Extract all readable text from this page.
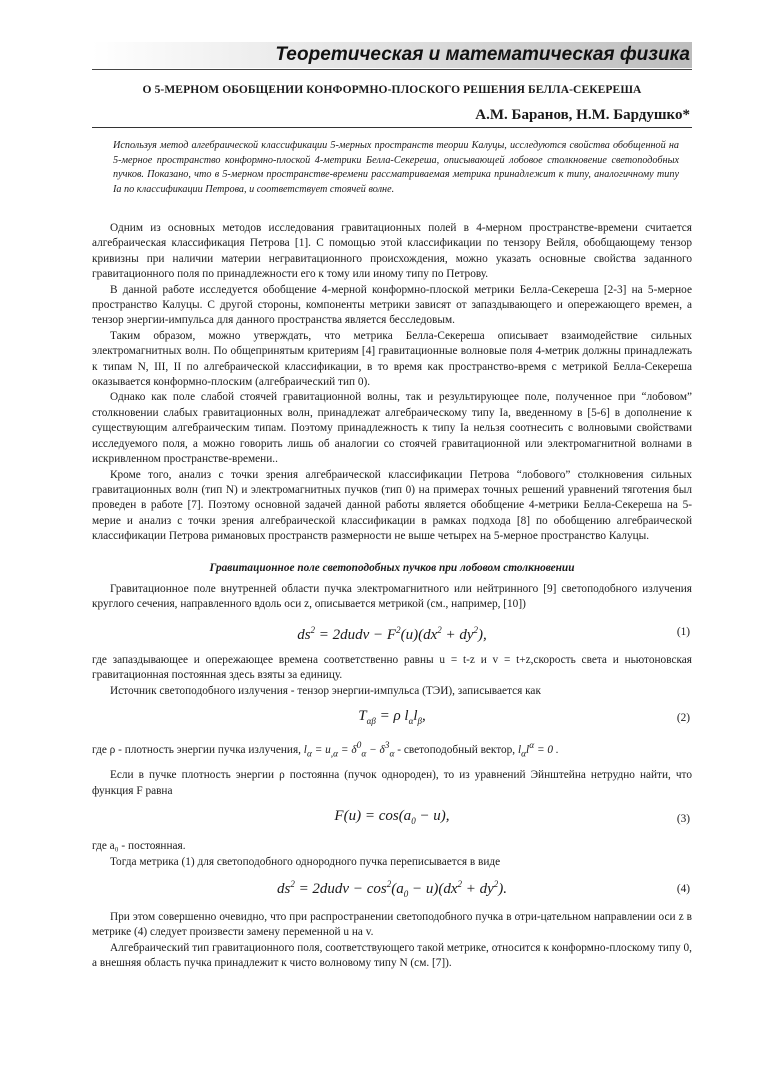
Теоретическая и математическая физика
О 5-МЕРНОМ ОБОБЩЕНИИ КОНФОРМНО-ПЛОСКОГО РЕШЕНИЯ БЕЛЛА-СЕКЕРЕША
А.М. Баранов, Н.М. Бардушко*
Используя метод алгебраической классификации 5-мерных пространств теории Калуцы, исследуются свойства обобщенной на 5-мерное пространство конформно-плоской 4-метрики Белла-Секереша, описывающей лобовое столкновение светоподобных пучков. Показано, что в 5-мерном пространстве-времени рассматриваемая метрика принадлежит к типу, аналогичному типу Ia по классификации Петрова, и соответствует стоячей волне.

Одним из основных методов исследования гравитационных полей в 4-мерном пространстве-времени считается алгебраическая классификация Петрова [1]. С помощью этой классификации по тензору Вейля, обобщающему тензор кривизны при наличии материи негравитационного происхождения, можно указать основные свойства заданного гравитационного поля по принадлежности его к тому или иному типу по Петрову.

В данной работе исследуется обобщение 4-мерной конформно-плоской метрики Белла-Секереша [2-3] на 5-мерное пространство Калуцы. С другой стороны, компоненты метрики зависят от запаздывающего и опережающего времен, а тензор энергии-импульса для данного пространства является бесследовым.

Таким образом, можно утверждать, что метрика Белла-Секереша описывает взаимодействие сильных электромагнитных волн. По общепринятым критериям [4] гравитационные волновые поля 4-метрик должны принадлежать к типам N, III, II по алгебраической классификации, в то время как пространство-время с метрикой Белла-Секереша оказывается конформно-плоским (алгебраический тип 0).

Однако как поле слабой стоячей гравитационной волны, так и результирующее поле, полученное при “лобовом” столкновении слабых гравитационных волн, принадлежат алгебраическому типу Ia, введенному в [5-6] в дополнение к существующим алгебраическим типам. Поэтому принадлежность к типу Ia нельзя соотнесить с волновыми свойствами исследуемого поля, а можно говорить лишь об аналогии со стоячей гравитационной или электромагнитной волнами в искривленном пространстве-времени..

Кроме того, анализ с точки зрения алгебраической классификации Петрова “лобового” столкновения сильных гравитационных волн (тип N) и электромагнитных пучков (тип 0) на примерах точных решений уравнений тяготения был проведен в работе [7]. Поэтому основной задачей данной работы является обобщение 4-метрики Белла-Секереша на 5-мерие и анализ с точки зрения алгебраической классификации в рамках подхода [8] по обобщению алгебраической классификации Петрова римановых пространств размерности не выше четырех на 5-мерное пространство Калуцы.

Гравитационное поле светоподобных пучков при лобовом столкновении

Гравитационное поле внутренней области пучка электромагнитного или нейтринного [9] светоподобного излучения круглого сечения, направленного вдоль оси z, описывается метрикой (см., например, [10])

$ds^2$ = 2dudv − $F^2(u)(dx^2 + dy^2)$,	(1)

где запаздывающее и опережающее времена соответственно равны u = t-z и v = t+z,скорость света и ньютоновская гравитационная постоянная здесь взяты за единицу.

Источник светоподобного излучения - тензор энергии-импульса (ТЭИ), записывается как

$T_{\alpha\beta} = \rho$ $l_\alpha l_\beta$,	(2)

где ρ - плотность энергии пучка излучения, $l_\alpha = u_{,\alpha} = \delta^0_\alpha - \delta^3_\alpha$ - светоподобный вектор, $l_\alpha l^\alpha = 0$ .

Если в пучке плотность энергии ρ постоянна (пучок однороден), то из уравнений Эйнштейна нетрудно найти, что функция F равна

$F(u) = \cos(a_0 - u)$,	(3)

где a₀ - постоянная.

Тогда метрика (1) для светоподобного однородного пучка переписывается в виде

$ds^2$ = 2dudv − $\cos^2(a_0 - u)(dx^2 + dy^2)$.	(4)

При этом совершенно очевидно, что при распространении светоподобного пучка в отри-цательном направлении оси z в метрике (4) следует произвести замену переменной u на v.

Алгебраический тип гравитационного поля, соответствующего такой метрике, относится к конформно-плоскому типу 0, а внешняя область пучка принадлежит к чисто волновому типу N (см. [7]).
